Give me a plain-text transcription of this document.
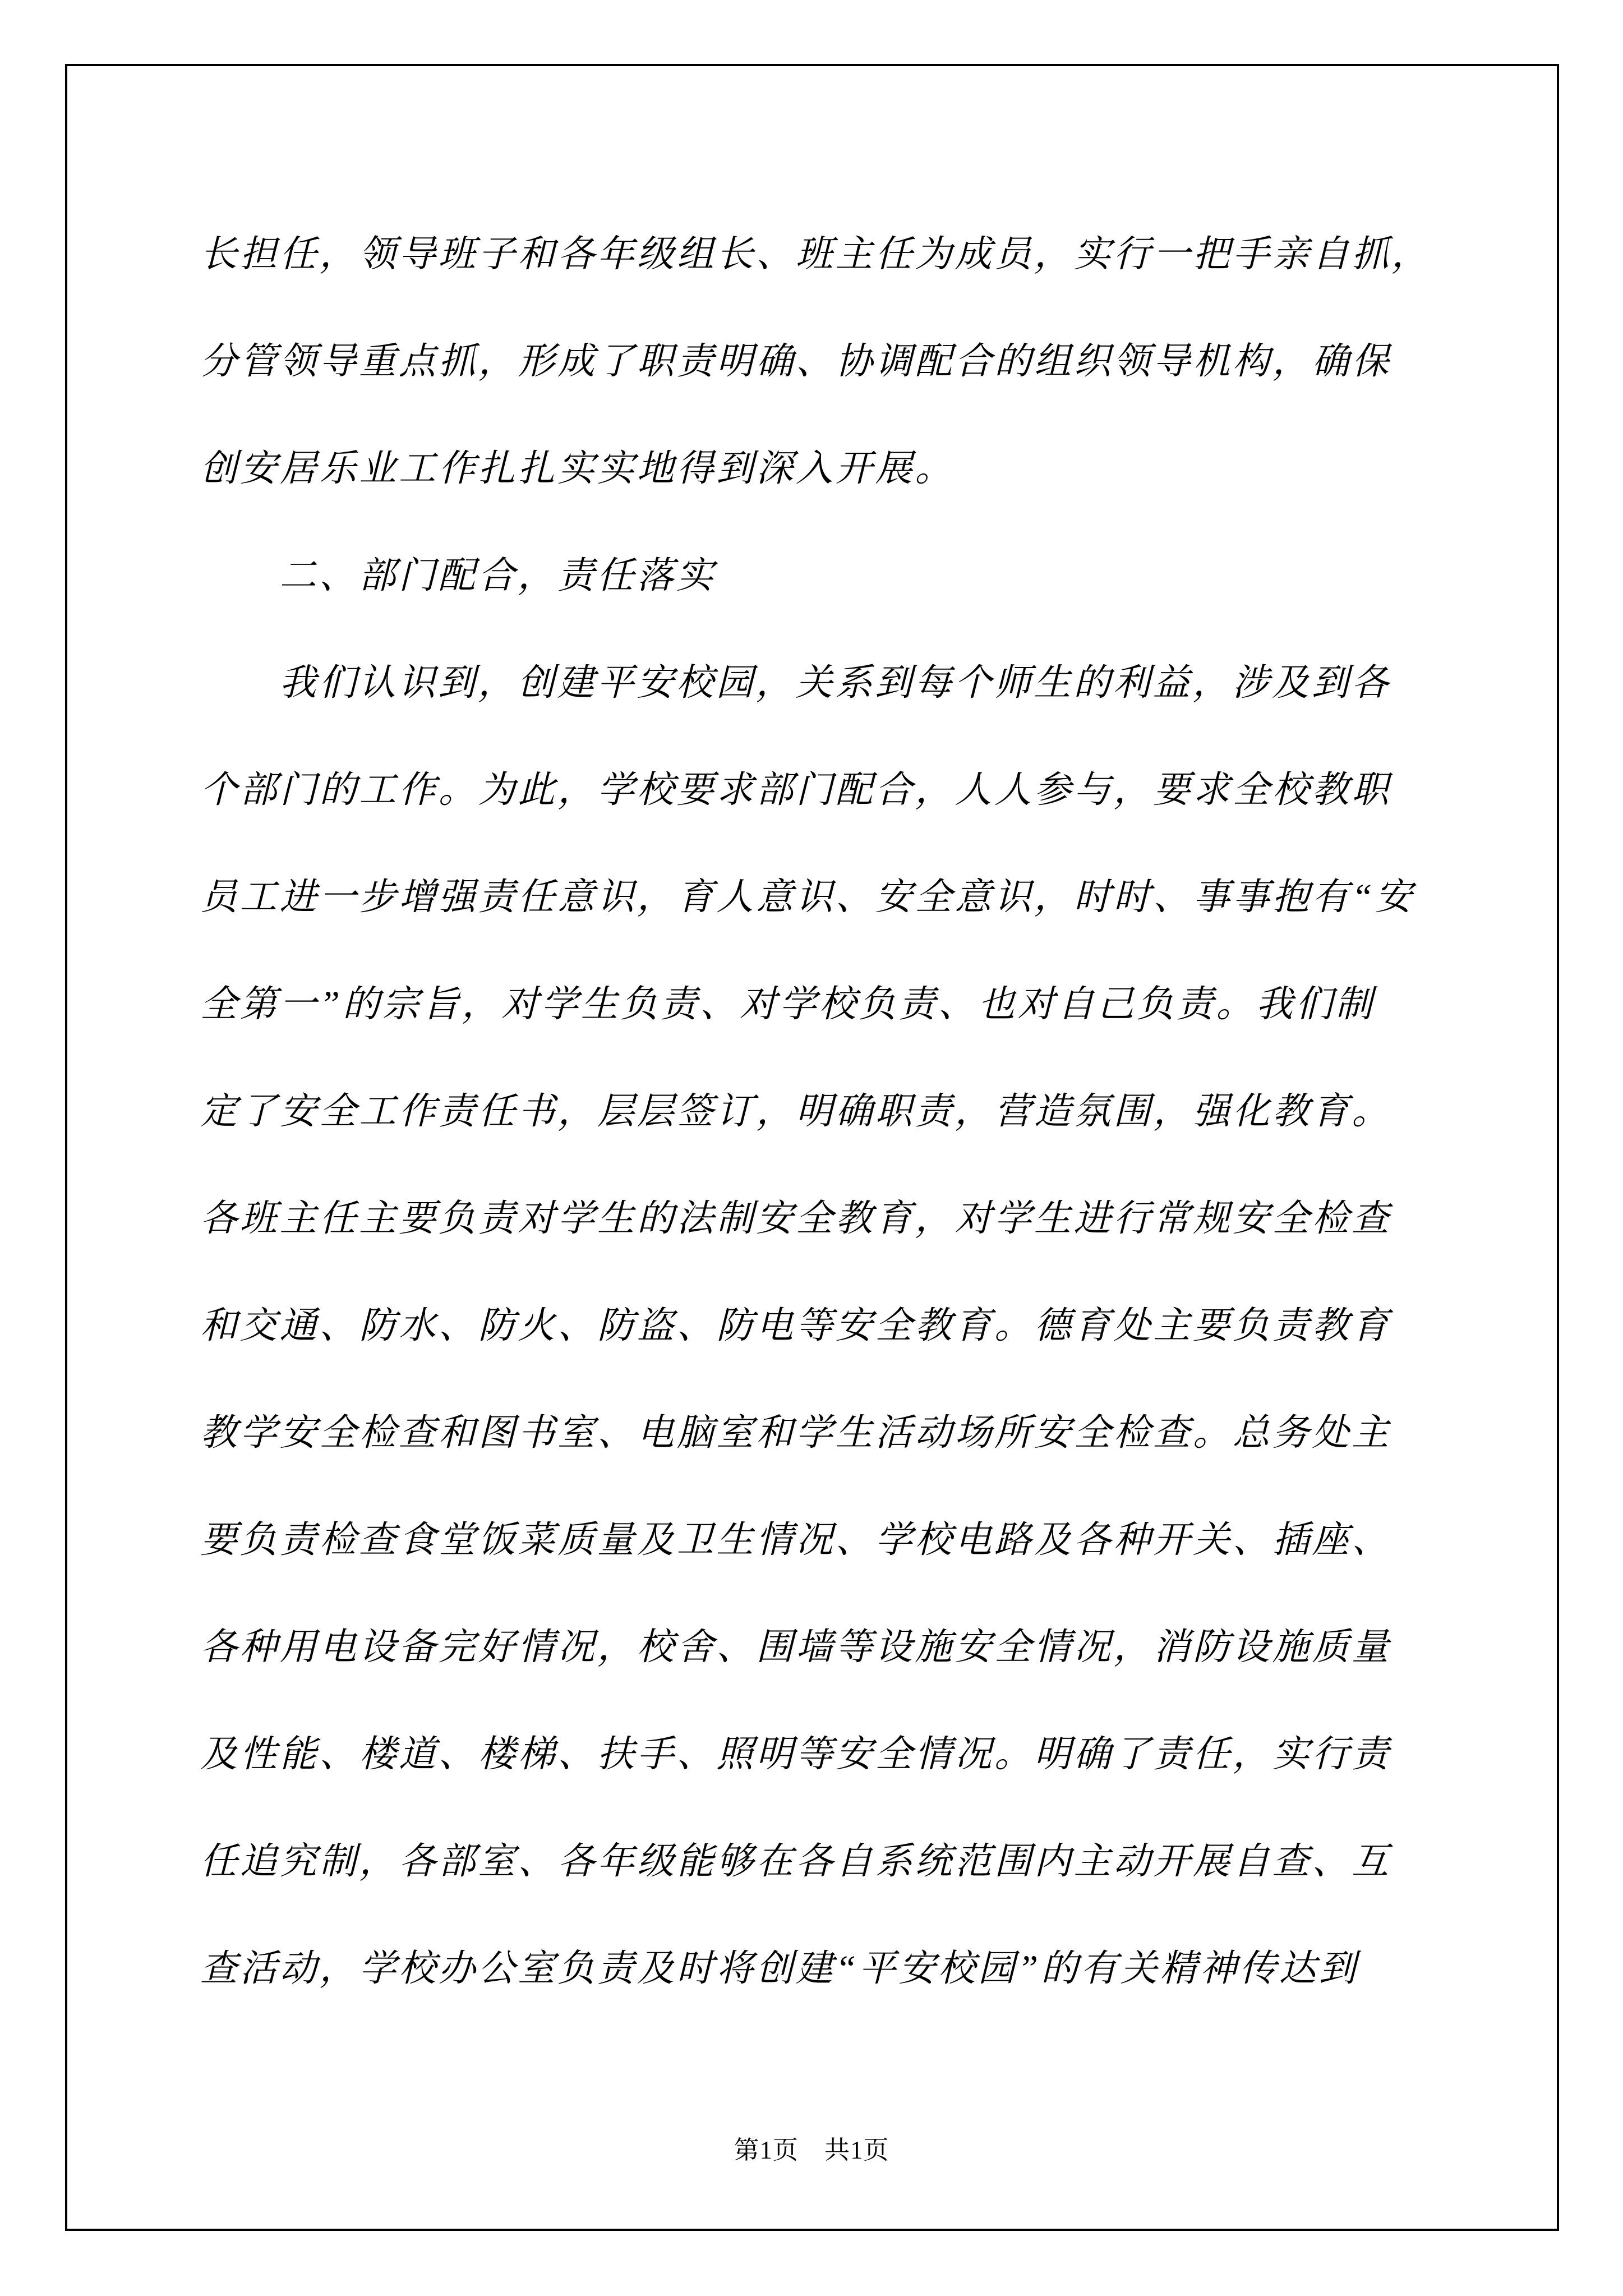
长担任，领导班子和各年级组长、班主任为成员，实行一把手亲自抓，
分管领导重点抓，形成了职责明确、协调配合的组织领导机构，确保
创安居乐业工作扎扎实实地得到深入开展。
二、部门配合，责任落实
我们认识到，创建平安校园，关系到每个师生的利益，涉及到各
个部门的工作。为此，学校要求部门配合，人人参与，要求全校教职
员工进一步增强责任意识，育人意识、安全意识，时时、事事抱有“安
全第一”的宗旨，对学生负责、对学校负责、也对自己负责。我们制
定了安全工作责任书，层层签订，明确职责，营造氛围，强化教育。
各班主任主要负责对学生的法制安全教育，对学生进行常规安全检查
和交通、防水、防火、防盗、防电等安全教育。德育处主要负责教育
教学安全检查和图书室、电脑室和学生活动场所安全检查。总务处主
要负责检查食堂饭菜质量及卫生情况、学校电路及各种开关、插座、
各种用电设备完好情况，校舍、围墙等设施安全情况，消防设施质量
及性能、楼道、楼梯、扶手、照明等安全情况。明确了责任，实行责
任追究制，各部室、各年级能够在各自系统范围内主动开展自查、互
查活动，学校办公室负责及时将创建“平安校园”的有关精神传达到
第1页　共1页
